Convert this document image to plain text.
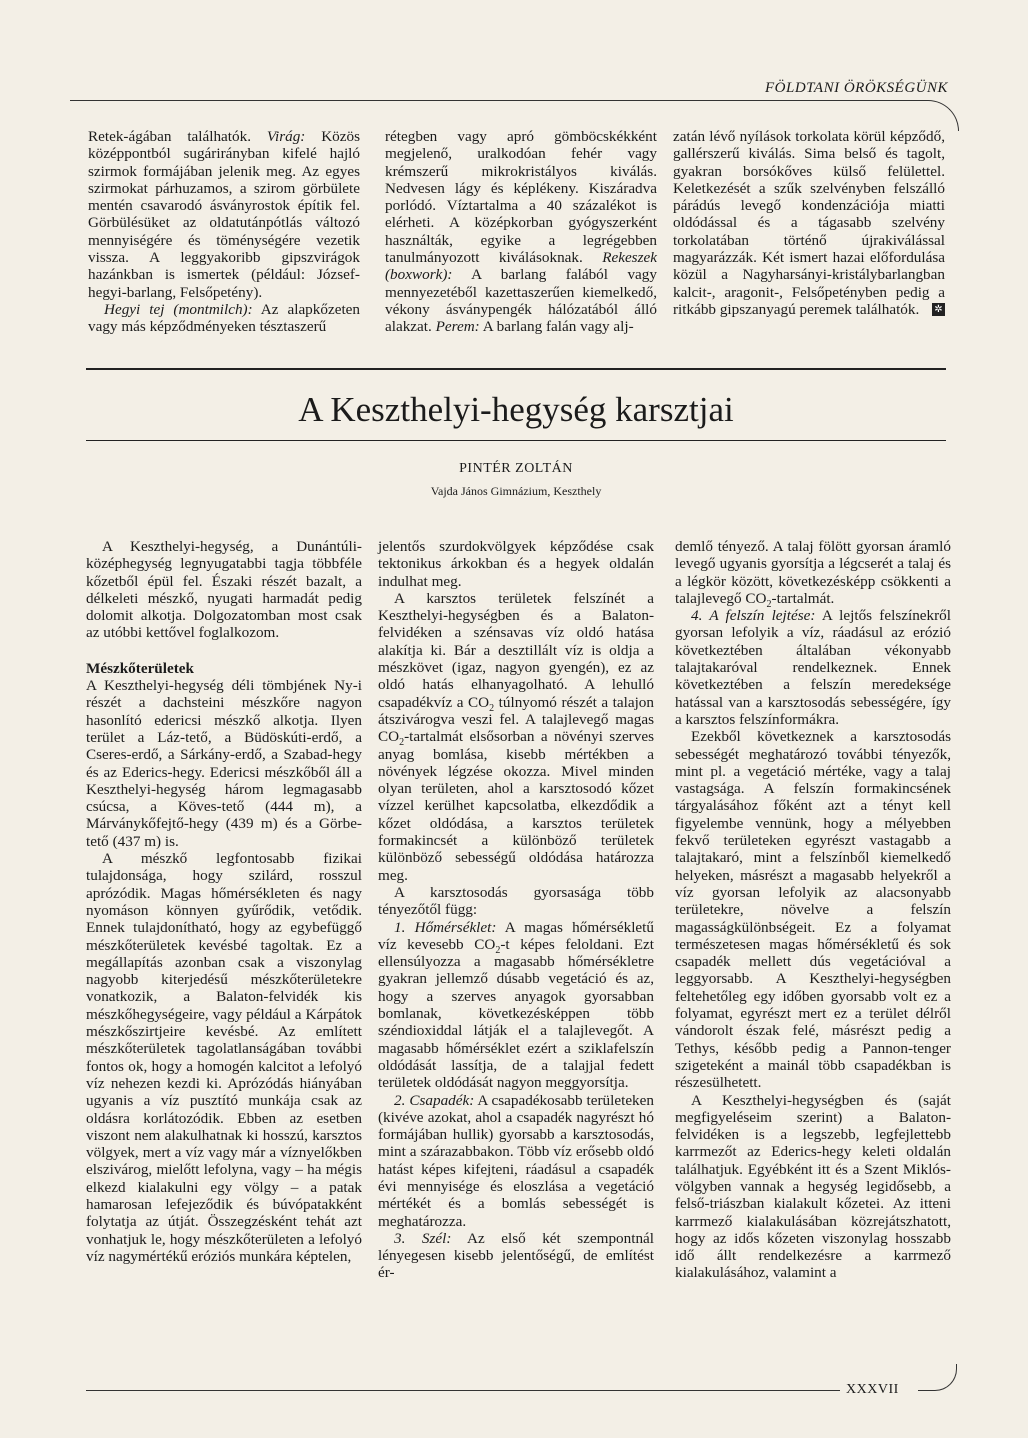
FÖLDTANI ÖRÖKSÉGÜNK

Retek-ágában találhatók. Virág: Közös középpontból sugárirányban kifelé hajló szirmok formájában jelenik meg. Az egyes szirmokat párhuzamos, a szirom görbülete mentén csavarodó ásványrostok építik fel. Görbülésüket az oldatutánpótlás változó mennyiségére és töménységére vezetik vissza. A leggyakoribb gipszvirágok hazánkban is ismertek (például: József-hegyi-barlang, Felsőpetény).

Hegyi tej (montmilch): Az alapkőzeten vagy más képződményeken tésztaszerű

rétegben vagy apró gömböcskékként megjelenő, uralkodóan fehér vagy krémszerű mikrokristályos kiválás. Nedvesen lágy és képlékeny. Kiszáradva porlódó. Víztartalma a 40 százalékot is elérheti. A középkorban gyógyszerként használták, egyike a legrégebben tanulmányozott kiválásoknak. Rekeszek (boxwork): A barlang falából vagy mennyezetéből kazettaszerűen kiemelkedő, vékony ásványpengék hálózatából álló alakzat. Perem: A barlang falán vagy alj-

zatán lévő nyílások torkolata körül képződő, gallérszerű kiválás. Sima belső és tagolt, gyakran borsókőves külső felülettel. Keletkezését a szűk szelvényben felszálló párádús levegő kondenzációja miatti oldódással és a tágasabb szelvény torkolatában történő újrakiválással magyarázzák. Két ismert hazai előfordulása közül a Nagyharsányi-kristálybarlangban kalcit-, aragonit-, Felsőpetényben pedig a ritkább gipszanyagú peremek találhatók. ✲

A Keszthelyi-hegység karsztjai
PINTÉR ZOLTÁN
Vajda János Gimnázium, Keszthely

A Keszthelyi-hegység, a Dunántúli-középhegység legnyugatabbi tagja többféle kőzetből épül fel. Északi részét bazalt, a délkeleti mészkő, nyugati harmadát pedig dolomit alkotja. Dolgozatomban most csak az utóbbi kettővel foglalkozom.

Mészkőterületek

A Keszthelyi-hegység déli tömbjének Ny-i részét a dachsteini mészkőre nagyon hasonlító edericsi mészkő alkotja. Ilyen terület a Láz-tető, a Büdöskúti-erdő, a Cseres-erdő, a Sárkány-erdő, a Szabad-hegy és az Ederics-hegy. Edericsi mészkőből áll a Keszthelyi-hegység három legmagasabb csúcsa, a Köves-tető (444 m), a Márványkőfejtő-hegy (439 m) és a Görbe-tető (437 m) is.

A mészkő legfontosabb fizikai tulajdonsága, hogy szilárd, rosszul aprózódik. Magas hőmérsékleten és nagy nyomáson könnyen gyűrődik, vetődik. Ennek tulajdonítható, hogy az egybefüggő mészkőterületek kevésbé tagoltak. Ez a megállapítás azonban csak a viszonylag nagyobb kiterjedésű mészkőterületekre vonatkozik, a Balaton-felvidék kis mészkőhegységeire, vagy például a Kárpátok mészkőszirtjeire kevésbé. Az említett mészkőterületek tagolatlanságában további fontos ok, hogy a homogén kalcitot a lefolyó víz nehezen kezdi ki. Aprózódás hiányában ugyanis a víz pusztító munkája csak az oldásra korlátozódik. Ebben az esetben viszont nem alakulhatnak ki hosszú, karsztos völgyek, mert a víz vagy már a víznyelőkben elszivárog, mielőtt lefolyna, vagy – ha mégis elkezd kialakulni egy völgy – a patak hamarosan lefejeződik és búvópatakként folytatja az útját. Összegzésként tehát azt vonhatjuk le, hogy mészkőterületen a lefolyó víz nagymértékű eróziós munkára képtelen,

jelentős szurdokvölgyek képződése csak tektonikus árkokban és a hegyek oldalán indulhat meg.

A karsztos területek felszínét a Keszthelyi-hegységben és a Balaton-felvidéken a szénsavas víz oldó hatása alakítja ki. Bár a desztillált víz is oldja a mészkövet (igaz, nagyon gyengén), ez az oldó hatás elhanyagolható. A lehulló csapadékvíz a $CO_2$ túlnyomó részét a talajon átszivárogva veszi fel. A talajlevegő magas $CO_2$-tartalmát elsősorban a növényi szerves anyag bomlása, kisebb mértékben a növények légzése okozza. Mivel minden olyan területen, ahol a karsztosodó kőzet vízzel kerülhet kapcsolatba, elkezdődik a kőzet oldódása, a karsztos területek formakincsét a különböző területek különböző sebességű oldódása határozza meg.

A karsztosodás gyorsasága több tényezőtől függ:

1. Hőmérséklet: A magas hőmérsékletű víz kevesebb $CO_2-t$ képes feloldani. Ezt ellensúlyozza a magasabb hőmérsékletre gyakran jellemző dúsabb vegetáció és az, hogy a szerves anyagok gyorsabban bomlanak, következésképpen több széndioxiddal látják el a talajlevegőt. A magasabb hőmérséklet ezért a sziklafelszín oldódását lassítja, de a talajjal fedett területek oldódását nagyon meggyorsítja.

2. Csapadék: A csapadékosabb területeken (kivéve azokat, ahol a csapadék nagyrészt hó formájában hullik) gyorsabb a karsztosodás, mint a szárazabbakon. Több víz erősebb oldó hatást képes kifejteni, ráadásul a csapadék évi mennyisége és eloszlása a vegetáció mértékét és a bomlás sebességét is meghatározza.

3. Szél: Az első két szempontnál lényegesen kisebb jelentőségű, de említést ér-

demlő tényező. A talaj fölött gyorsan áramló levegő ugyanis gyorsítja a légcserét a talaj és a légkör között, következésképp csökkenti a talajlevegő $CO_2$-tartalmát.

4. A felszín lejtése: A lejtős felszínekről gyorsan lefolyik a víz, ráadásul az erózió következtében általában vékonyabb talajtakaróval rendelkeznek. Ennek következtében a felszín meredeksége hatással van a karsztosodás sebességére, így a karsztos felszínformákra.

Ezekből következnek a karsztosodás sebességét meghatározó további tényezők, mint pl. a vegetáció mértéke, vagy a talaj vastagsága. A felszín formakincsének tárgyalásához főként azt a tényt kell figyelembe vennünk, hogy a mélyebben fekvő területeken egyrészt vastagabb a talajtakaró, mint a felszínből kiemelkedő helyeken, másrészt a magasabb helyekről a víz gyorsan lefolyik az alacsonyabb területekre, növelve a felszín magasságkülönbségeit. Ez a folyamat természetesen magas hőmérsékletű és sok csapadék mellett dús vegetációval a leggyorsabb. A Keszthelyi-hegységben feltehetőleg egy időben gyorsabb volt ez a folyamat, egyrészt mert ez a terület délről vándorolt észak felé, másrészt pedig a Tethys, később pedig a Pannon-tenger szigeteként a mainál több csapadékban is részesülhetett.

A Keszthelyi-hegységben és (saját megfigyeléseim szerint) a Balaton-felvidéken is a legszebb, legfejlettebb karrmezőt az Ederics-hegy keleti oldalán találhatjuk. Egyébként itt és a Szent Miklós-völgyben vannak a hegység legidősebb, a felső-triászban kialakult kőzetei. Az itteni karrmező kialakulásában közrejátszhatott, hogy az idős kőzeten viszonylag hosszabb idő állt rendelkezésre a karrmező kialakulásához, valamint a

XXXVII
